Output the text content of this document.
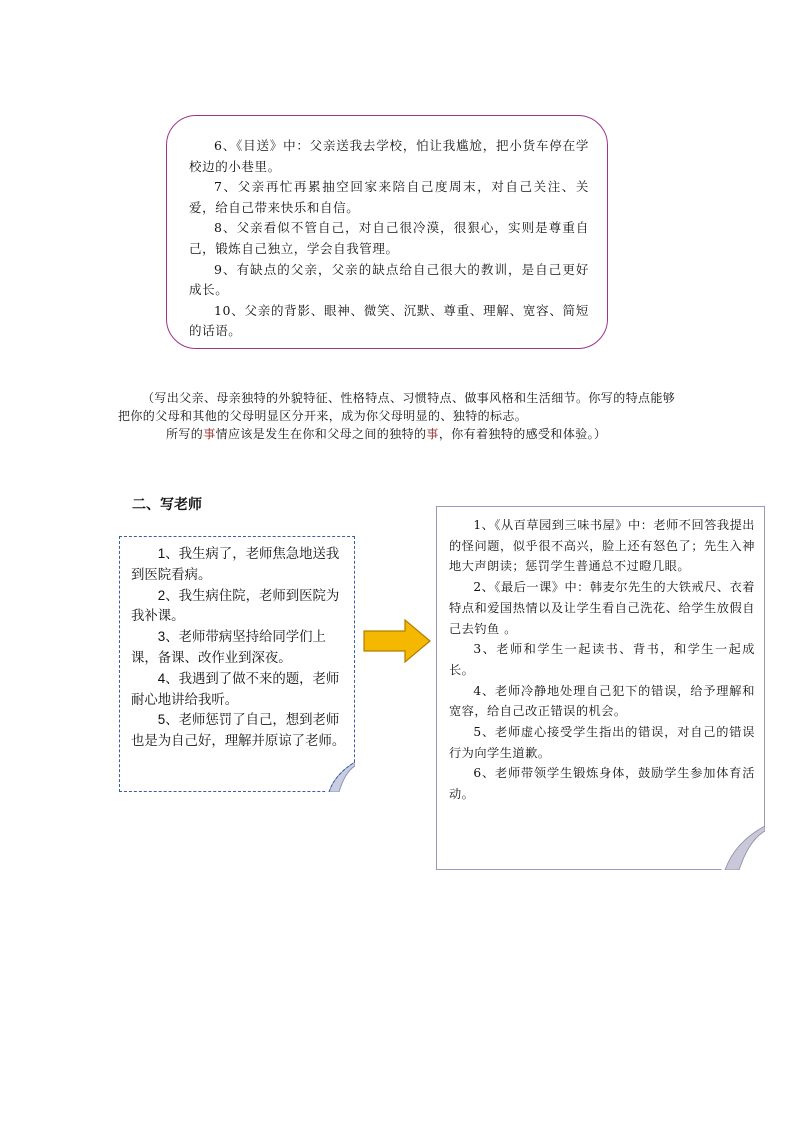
6、《目送》中：父亲送我去学校，怕让我尴尬，把小货车停在学校边的小巷里。

7、父亲再忙再累抽空回家来陪自己度周末，对自己关注、关爱，给自己带来快乐和自信。

8、父亲看似不管自己，对自己很冷漠，很狠心，实则是尊重自己，锻炼自己独立，学会自我管理。

9、有缺点的父亲，父亲的缺点给自己很大的教训，是自己更好成长。

10、父亲的背影、眼神、微笑、沉默、尊重、理解、宽容、简短的话语。

（写出父亲、母亲独特的外貌特征、性格特点、习惯特点、做事风格和生活细节。你写的特点能够把你的父母和其他的父母明显区分开来，成为你父母明显的、独特的标志。

所写的事情应该是发生在你和父母之间的独特的事，你有着独特的感受和体验。）

二、写老师

1、我生病了，老师焦急地送我到医院看病。

2、我生病住院，老师到医院为我补课。

3、老师带病坚持给同学们上课，备课、改作业到深夜。

4、我遇到了做不来的题，老师耐心地讲给我听。

5、老师惩罚了自己，想到老师也是为自己好，理解并原谅了老师。

1、《从百草园到三味书屋》中：老师不回答我提出的怪问题，似乎很不高兴，脸上还有怒色了；先生入神地大声朗读；惩罚学生普通总不过瞪几眼。

2、《最后一课》中：韩麦尔先生的大铁戒尺、衣着特点和爱国热情以及让学生看自己洗花、给学生放假自己去钓鱼 。

3、老师和学生一起读书、背书，和学生一起成长。

4、老师冷静地处理自己犯下的错误，给予理解和宽容，给自己改正错误的机会。

5、老师虚心接受学生指出的错误，对自己的错误行为向学生道歉。

6、老师带领学生锻炼身体，鼓励学生参加体育活动。
